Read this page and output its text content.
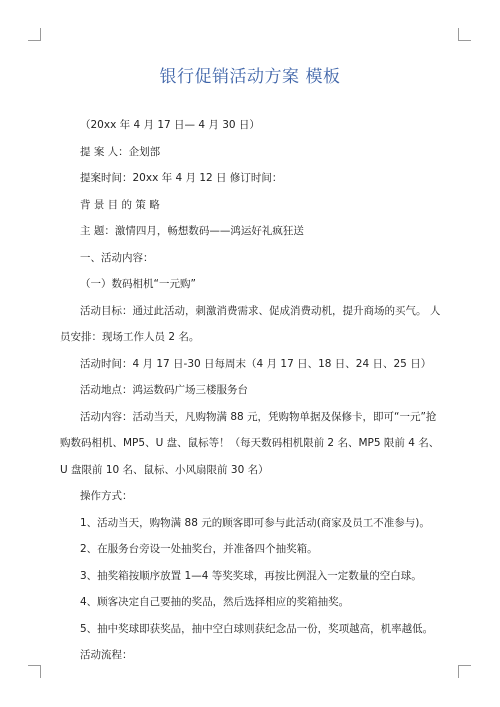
银行促销活动方案 模板

（20xx 年 4 月 17 日— 4 月 30 日）

提 案 人：企划部

提案时间：20xx 年 4 月 12 日 修订时间：

背 景 目 的 策 略

主 题：激情四月，畅想数码——鸿运好礼疯狂送

一、活动内容：

（一）数码相机“一元购”

活动目标：通过此活动，刺激消费需求、促成消费动机，提升商场的买气。 人员安排：现场工作人员 2 名。

活动时间：4 月 17 日-30 日每周末（4 月 17 日、18 日、24 日、25 日）

活动地点：鸿运数码广场三楼服务台

活动内容：活动当天，凡购物满 88 元，凭购物单据及保修卡，即可“一元”抢购数码相机、MP5、U 盘、鼠标等！（每天数码相机限前 2 名、MP5 限前 4 名、U 盘限前 10 名、鼠标、小风扇限前 30 名）

操作方式：

1、活动当天，购物满 88 元的顾客即可参与此活动(商家及员工不准参与)。

2、在服务台旁设一处抽奖台，并准备四个抽奖箱。

3、抽奖箱按顺序放置 1—4 等奖奖球，再按比例混入一定数量的空白球。

4、顾客决定自己要抽的奖品，然后选择相应的奖箱抽奖。

5、抽中奖球即获奖品，抽中空白球则获纪念品一份，奖项越高，机率越低。

活动流程：
